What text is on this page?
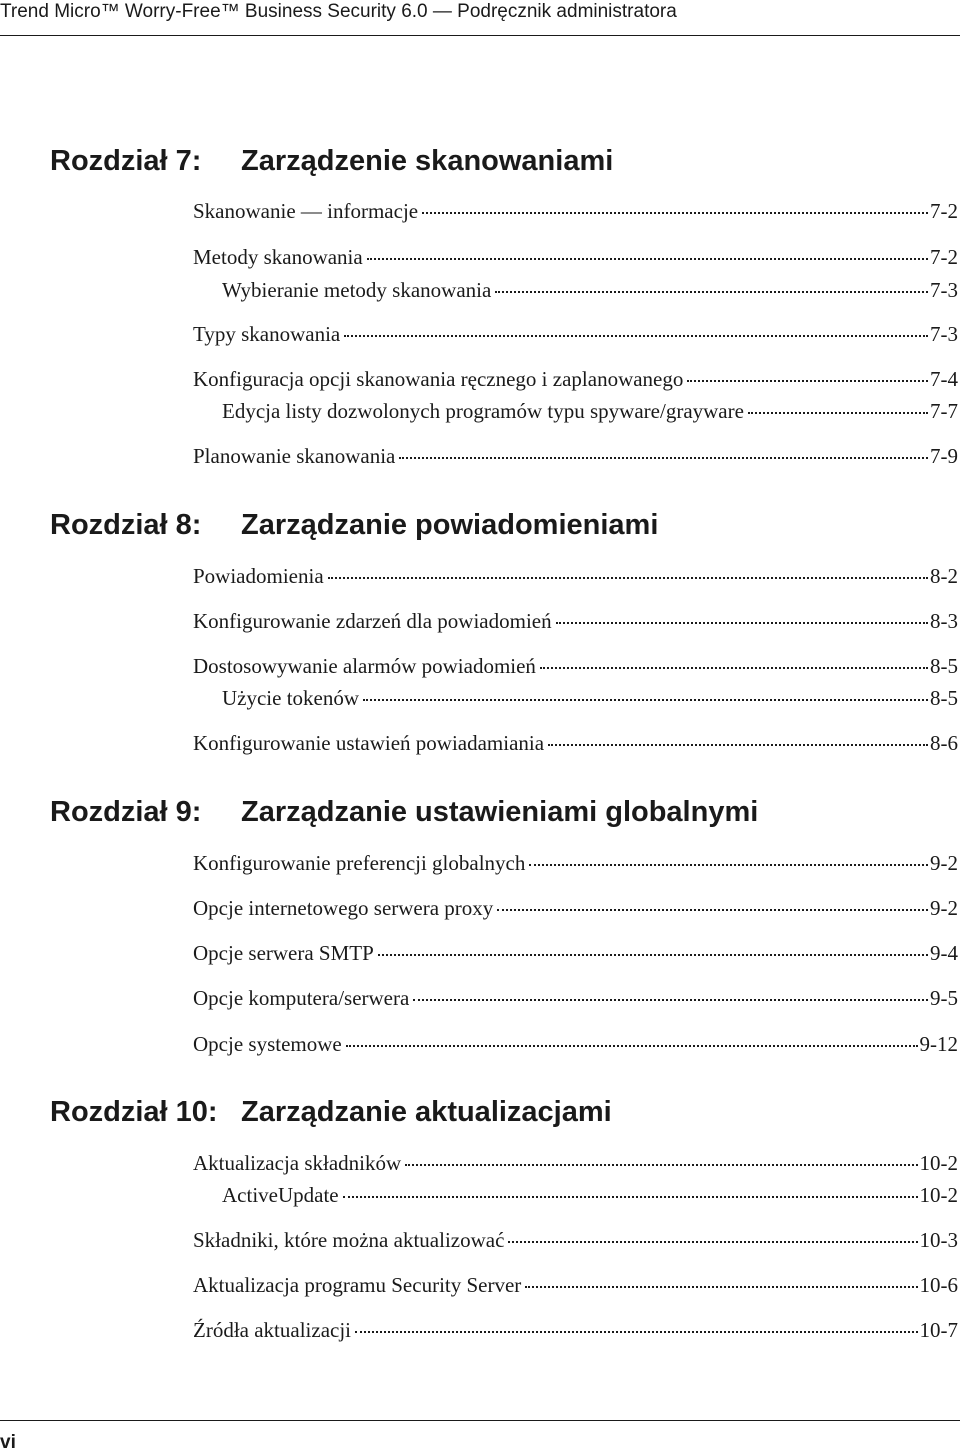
Trend Micro™ Worry-Free™ Business Security 6.0 — Podręcznik administratora
Rozdział 7: Zarządzenie skanowaniami
Skanowanie — informacje	7-2
Metody skanowania	7-2
Wybieranie metody skanowania	7-3
Typy skanowania	7-3
Konfiguracja opcji skanowania ręcznego i zaplanowanego	7-4
Edycja listy dozwolonych programów typu spyware/grayware	7-7
Planowanie skanowania	7-9
Rozdział 8: Zarządzanie powiadomieniami
Powiadomienia	8-2
Konfigurowanie zdarzeń dla powiadomień	8-3
Dostosowywanie alarmów powiadomień	8-5
Użycie tokenów	8-5
Konfigurowanie ustawień powiadamiania	8-6
Rozdział 9: Zarządzanie ustawieniami globalnymi
Konfigurowanie preferencji globalnych	9-2
Opcje internetowego serwera proxy	9-2
Opcje serwera SMTP	9-4
Opcje komputera/serwera	9-5
Opcje systemowe	9-12
Rozdział 10: Zarządzanie aktualizacjami
Aktualizacja składników	10-2
ActiveUpdate	10-2
Składniki, które można aktualizować	10-3
Aktualizacja programu Security Server	10-6
Źródła aktualizacji	10-7
vi
